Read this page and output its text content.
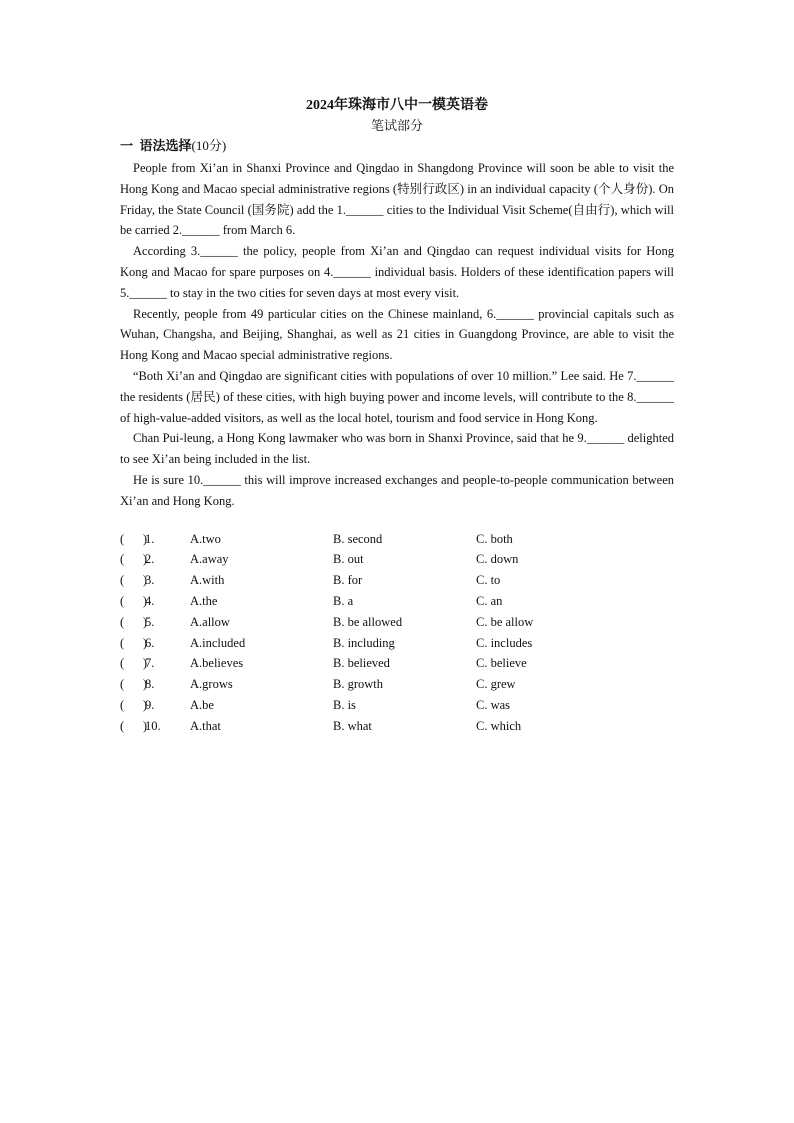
2024年珠海市八中一模英语卷
笔试部分
一 语法选择(10分)

People from Xi’an in Shanxi Province and Qingdao in Shangdong Province will soon be able to visit the Hong Kong and Macao special administrative regions (特别行政区) in an individual capacity (个人身份). On Friday, the State Council (国务院) add the 1.______ cities to the Individual Visit Scheme(自由行), which will be carried 2.______ from March 6.

According 3.______ the policy, people from Xi’an and Qingdao can request individual visits for Hong Kong and Macao for spare purposes on 4.______ individual basis. Holders of these identification papers will 5.______ to stay in the two cities for seven days at most every visit.

Recently, people from 49 particular cities on the Chinese mainland, 6.______ provincial capitals such as Wuhan, Changsha, and Beijing, Shanghai, as well as 21 cities in Guangdong Province, are able to visit the Hong Kong and Macao special administrative regions.

“Both Xi’an and Qingdao are significant cities with populations of over 10 million.” Lee said. He 7.______ the residents (居民) of these cities, with high buying power and income levels, will contribute to the 8.______ of high-value-added visitors, as well as the local hotel, tourism and food service in Hong Kong.

Chan Pui-leung, a Hong Kong lawmaker who was born in Shanxi Province, said that he 9.______ delighted to see Xi’an being included in the list.

He is sure 10.______ this will improve increased exchanges and people-to-people communication between Xi’an and Hong Kong.

(      )
1.	A.two	B. second	C. both
(      )
2.	A.away	B. out	C. down
(      )
3.	A.with	B. for	C. to
(      )
4.	A.the	B. a	C. an
(      )
5.	A.allow	B. be allowed	C. be allow
(      )
6.	A.included	B. including	C. includes
(      )
7.	A.believes	B. believed	C. believe
(      )
8.	A.grows	B. growth	C. grew
(      )
9.	A.be	B. is	C. was
(      )
10.	A.that	B. what	C. which
